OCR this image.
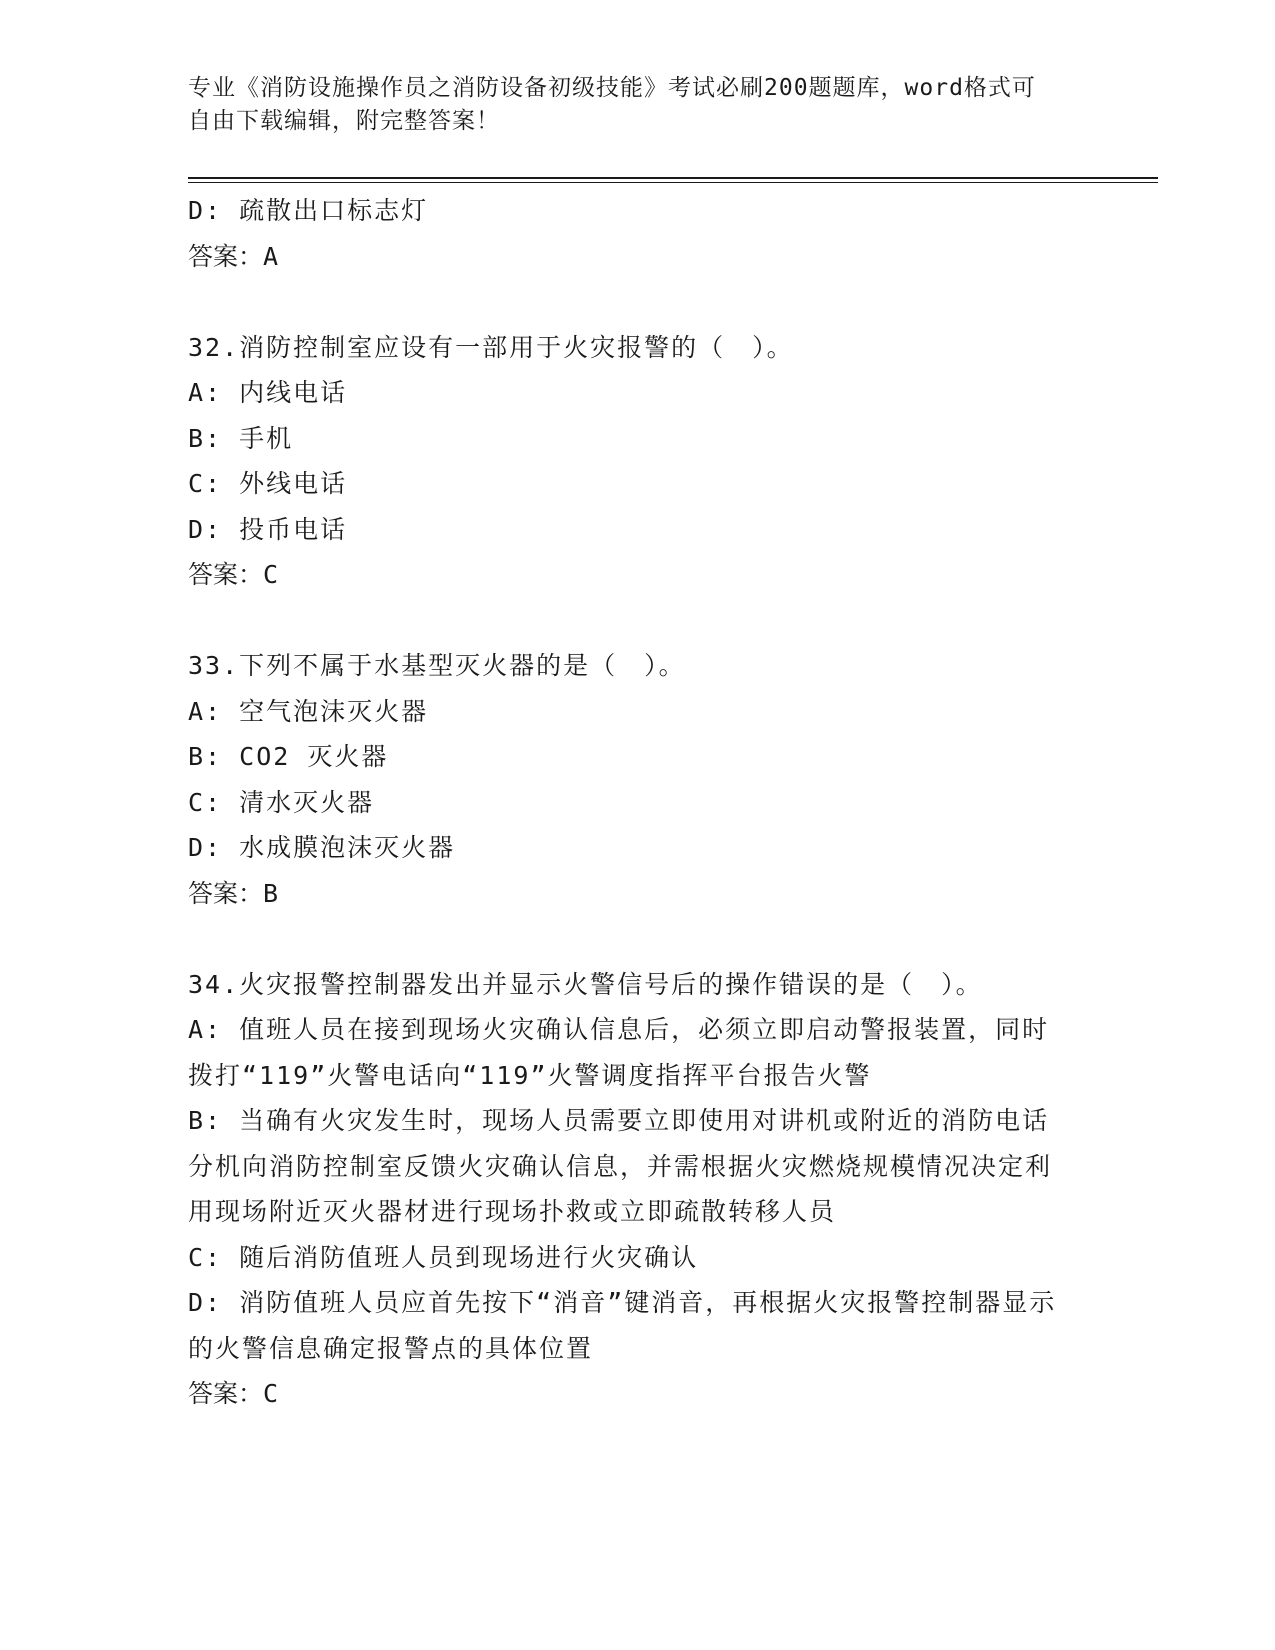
专业《消防设施操作员之消防设备初级技能》考试必刷200题题库，word格式可
自由下载编辑，附完整答案！
D: 疏散出口标志灯
答案：A
32.消防控制室应设有一部用于火灾报警的（　）。
A: 内线电话
B: 手机
C: 外线电话
D: 投币电话
答案：C
33.下列不属于水基型灭火器的是（　）。
A: 空气泡沫灭火器
B: CO2 灭火器
C: 清水灭火器
D: 水成膜泡沫灭火器
答案：B
34.火灾报警控制器发出并显示火警信号后的操作错误的是（　）。
A: 值班人员在接到现场火灾确认信息后，必须立即启动警报装置，同时拨打“119”火警电话向“119”火警调度指挥平台报告火警
B: 当确有火灾发生时，现场人员需要立即使用对讲机或附近的消防电话分机向消防控制室反馈火灾确认信息，并需根据火灾燃烧规模情况决定利用现场附近灭火器材进行现场扑救或立即疏散转移人员
C: 随后消防值班人员到现场进行火灾确认
D: 消防值班人员应首先按下“消音”键消音，再根据火灾报警控制器显示的火警信息确定报警点的具体位置
答案：C
